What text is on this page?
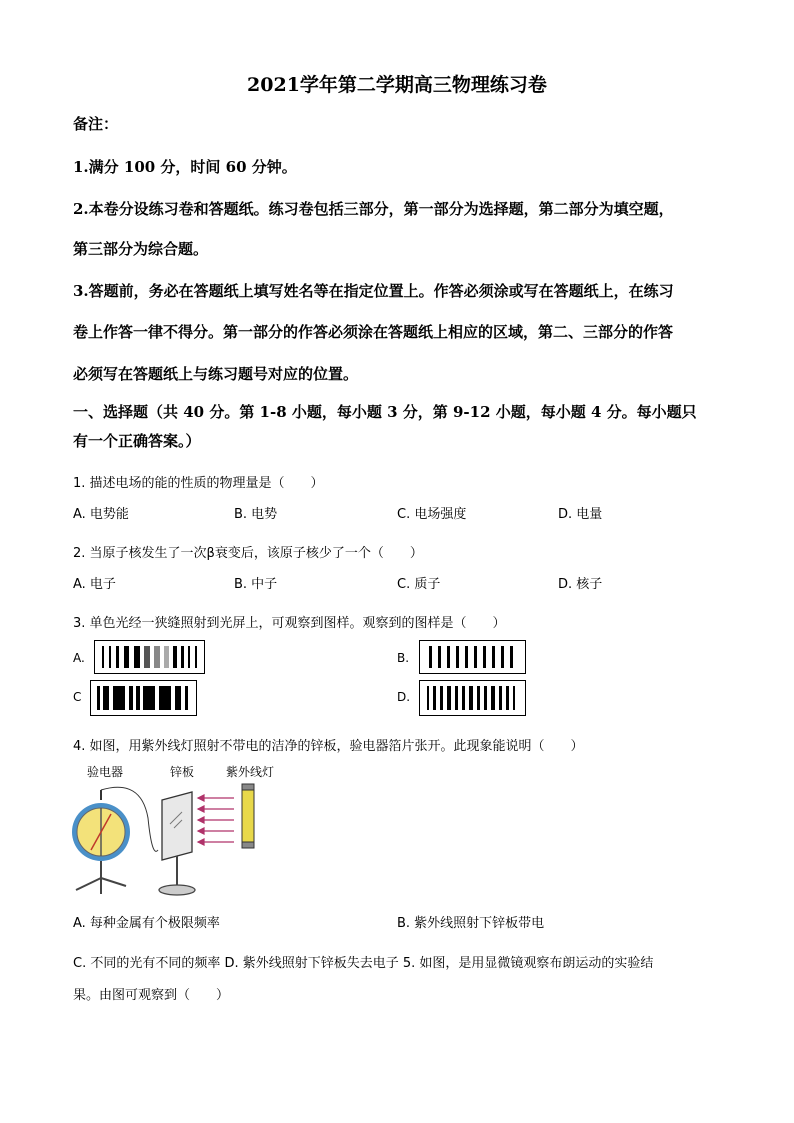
2021学年第二学期高三物理练习卷
备注：
1.满分 100 分，时间 60 分钟。
2.本卷分设练习卷和答题纸。练习卷包括三部分，第一部分为选择题，第二部分为填空题，
第三部分为综合题。
3.答题前，务必在答题纸上填写姓名等在指定位置上。作答必须涂或写在答题纸上，在练习
卷上作答一律不得分。第一部分的作答必须涂在答题纸上相应的区域，第二、三部分的作答
必须写在答题纸上与练习题号对应的位置。
一、选择题（共 40 分。第 1-8 小题，每小题 3 分，第 9-12 小题，每小题 4 分。每小题只
有一个正确答案。）
1. 描述电场的能的性质的物理量是（　　）
A. 电势能	B. 电势	C. 电场强度	D. 电量
2. 当原子核发生了一次β衰变后，该原子核少了一个（　　）
A. 电子	B. 中子	C. 质子	D. 核子
3. 单色光经一狭缝照射到光屏上，可观察到图样。观察到的图样是（　　）
A.	B.
C	D.
4. 如图，用紫外线灯照射不带电的洁净的锌板，验电器箔片张开。此现象能说明（　　）
验电器	锌板	紫外线灯
A. 每种金属有个极限频率	B. 紫外线照射下锌板带电
C. 不同的光有不同的频率 D. 紫外线照射下锌板失去电子 5. 如图，是用显微镜观察布朗运动的实验结
果。由图可观察到（　　）
